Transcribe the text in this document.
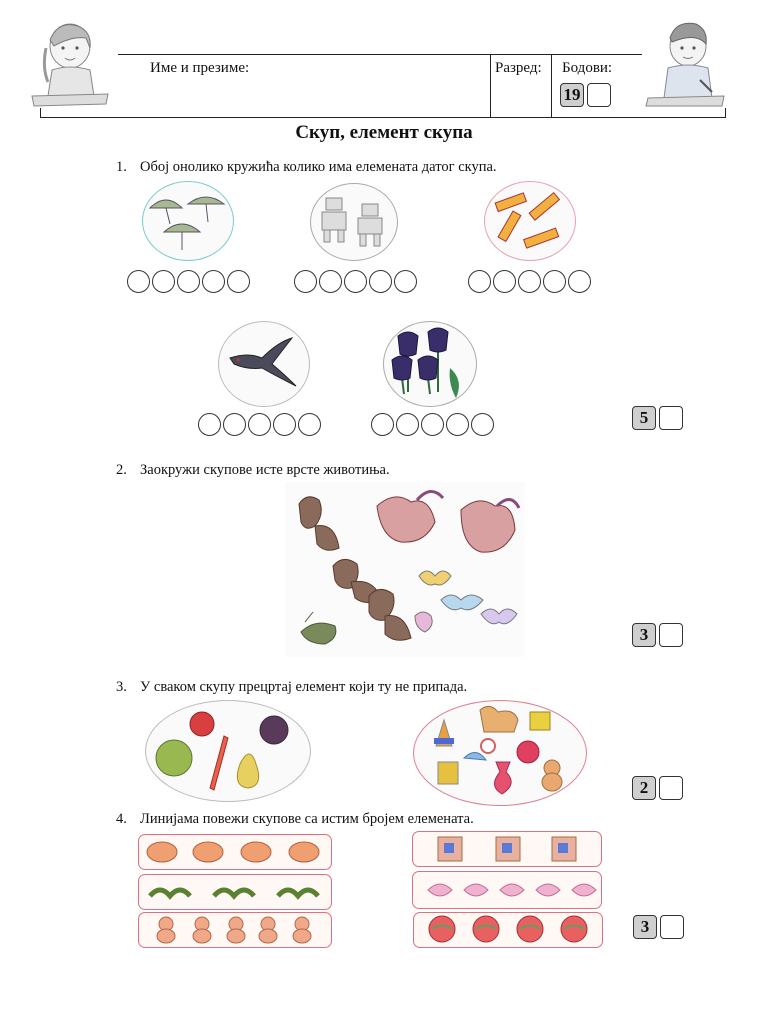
Име и презиме:	Разред: Бодови:
19
Скуп, елемент скупа
1. Обој онолико кружића колико има елемената датог скупа.
5
2. Заокружи скупове исте врсте животиња.
3
3. У сваком скупу прецртај елемент који ту не припада.
2
4. Линијама повежи скупове са истим бројем елемената.
3
